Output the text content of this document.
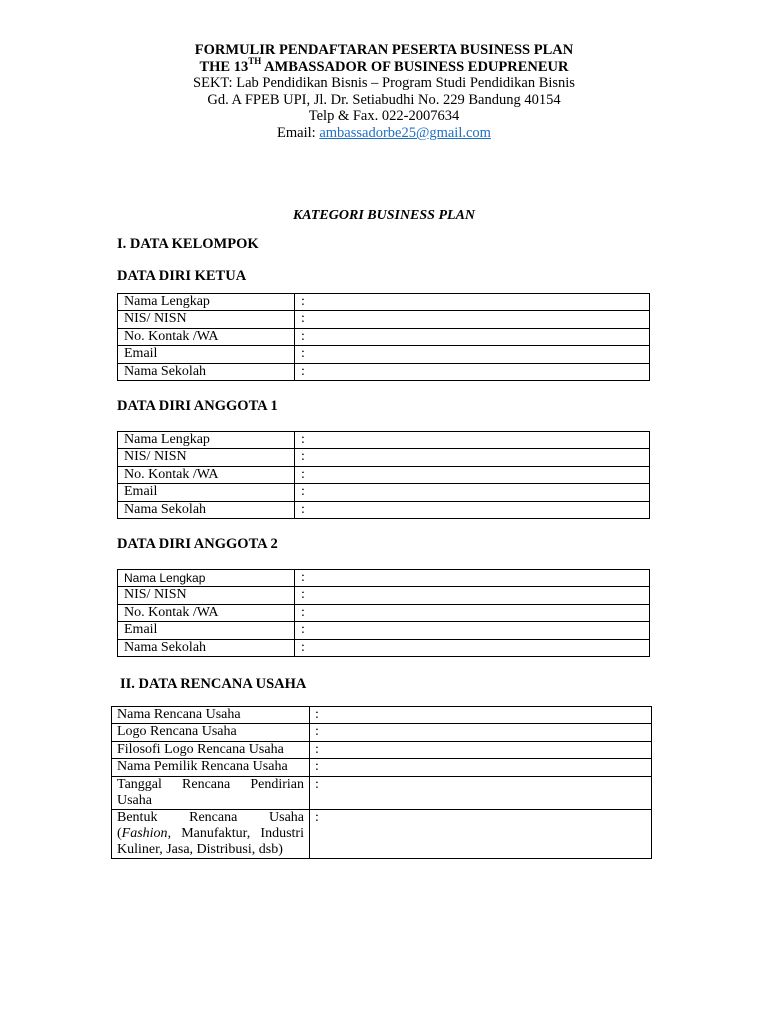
FORMULIR PENDAFTARAN PESERTA BUSINESS PLAN
THE 13TH AMBASSADOR OF BUSINESS EDUPRENEUR
SEKT: Lab Pendidikan Bisnis – Program Studi Pendidikan Bisnis
Gd. A FPEB UPI, Jl. Dr. Setiabudhi No. 229 Bandung 40154
Telp & Fax. 022-2007634
Email: ambassadorbe25@gmail.com
KATEGORI BUSINESS PLAN
I. DATA KELOMPOK
DATA DIRI KETUA
Nama Lengkap	:
NIS/ NISN	:
No. Kontak /WA	:
Email	:
Nama Sekolah	:
DATA DIRI ANGGOTA 1
Nama Lengkap	:
NIS/ NISN	:
No. Kontak /WA	:
Email	:
Nama Sekolah	:
DATA DIRI ANGGOTA 2
Nama Lengkap	:
NIS/ NISN	:
No. Kontak /WA	:
Email	:
Nama Sekolah	:
II. DATA RENCANA USAHA
Nama Rencana Usaha	:
Logo Rencana Usaha	:
Filosofi Logo Rencana Usaha	:
Nama Pemilik Rencana Usaha	:
Tanggal Rencana Pendirian Usaha	:
Bentuk Rencana Usaha (Fashion, Manufaktur, Industri Kuliner, Jasa, Distribusi, dsb)	:
